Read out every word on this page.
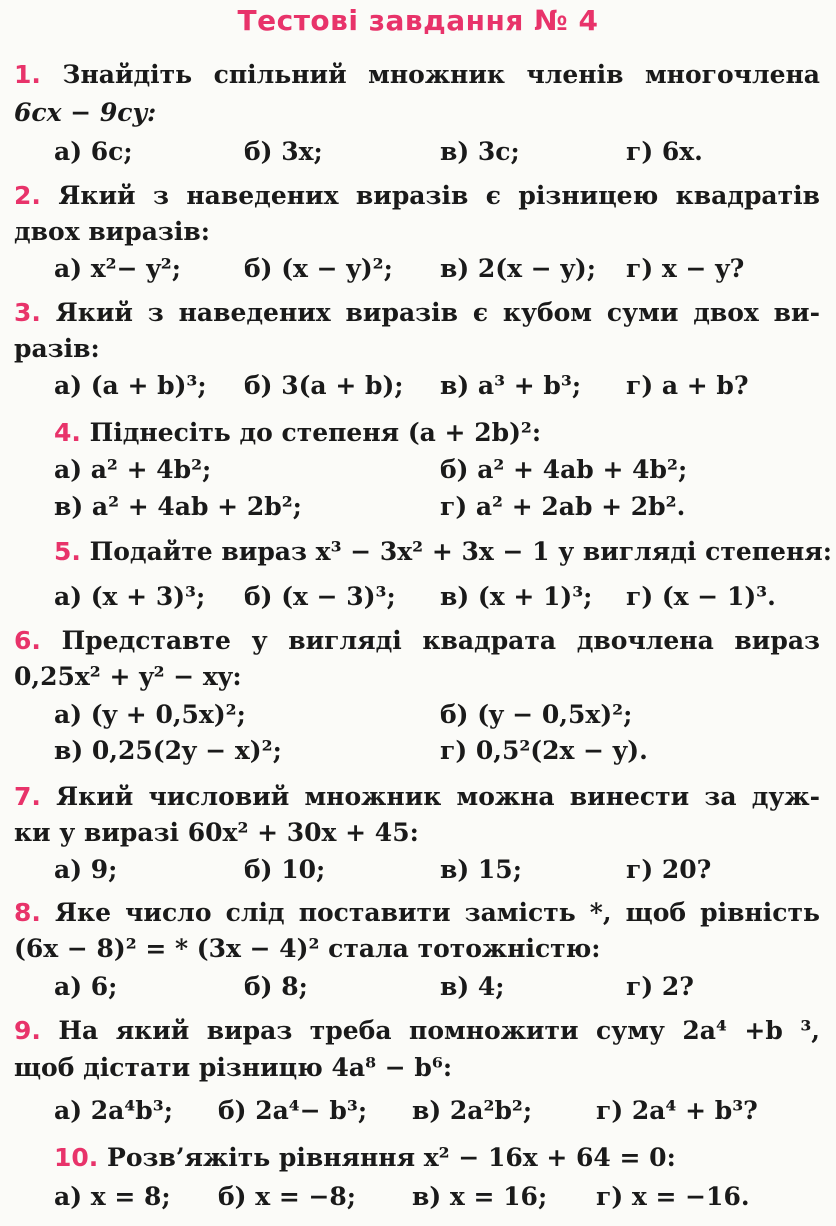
Тестові завдання № 4
1. Знайдіть спільний множник членів многочлена
6cx − 9cy:
а) 6c;	б) 3x;	в) 3c;	г) 6x.
2. Який з наведених виразів є різницею квадратів
двох виразів:
а) x²− y²;	б) (x − y)²; в) 2(x − y); г) x − y?
3. Який з наведених виразів є кубом суми двох ви-
разів:
а) (a + b)³; б) 3(a + b); в) a³ + b³; г) a + b?
4. Піднесіть до степеня (a + 2b)²:
а) a² + 4b²;	б) a² + 4ab + 4b²;
в) a² + 4ab + 2b²;	г) a² + 2ab + 2b².
5. Подайте вираз x³ − 3x² + 3x − 1 у вигляді степеня:
а) (x + 3)³; б) (x − 3)³; в) (x + 1)³; г) (x − 1)³.
6. Представте у вигляді квадрата двочлена вираз
0,25x² + y² − xy:
а) (y + 0,5x)²;	б) (y − 0,5x)²;
в) 0,25(2y − x)²;	г) 0,5²(2x − y).
7. Який числовий множник можна винести за дуж-
ки у виразі 60x² + 30x + 45:
а) 9;	б) 10;	в) 15;	г) 20?
8. Яке число слід поставити замість *, щоб рівність
(6x − 8)² = * (3x − 4)² стала тотожністю:
а) 6;	б) 8;	в) 4;	г) 2?
9. На який вираз треба помножити суму 2a⁴ +b ³,
щоб дістати різницю 4a⁸ − b⁶:
а) 2a⁴b³; б) 2a⁴− b³; в) 2a²b²;	г) 2a⁴ + b³?
10. Розв’яжіть рівняння x² − 16x + 64 = 0:
а) x = 8; б) x = −8; в) x = 16; г) x = −16.
